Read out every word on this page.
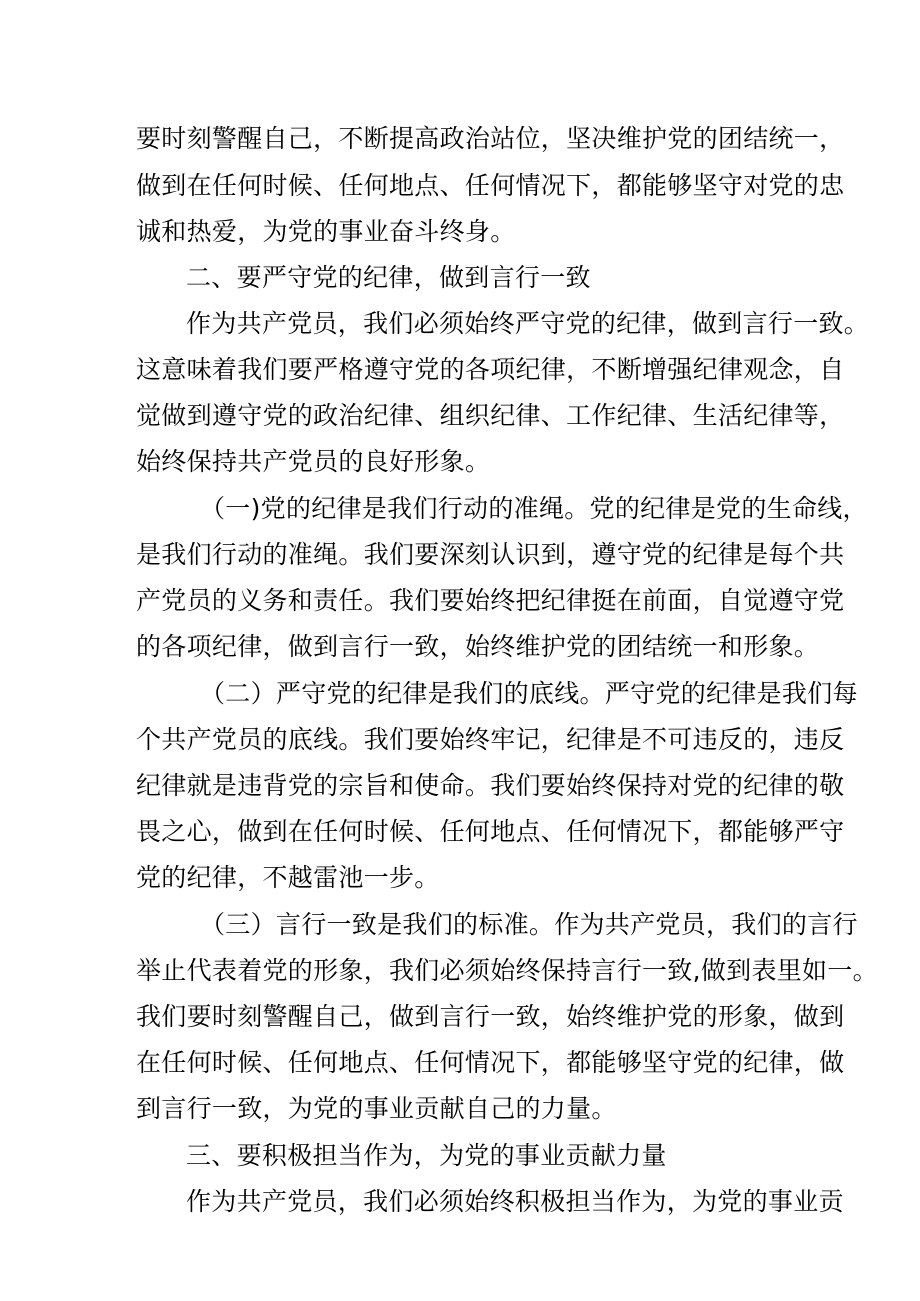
要时刻警醒自己，不断提高政治站位，坚决维护党的团结统一，
做到在任何时候、任何地点、任何情况下，都能够坚守对党的忠
诚和热爱，为党的事业奋斗终身。
二、要严守党的纪律，做到言行一致
作为共产党员，我们必须始终严守党的纪律，做到言行一致。
这意味着我们要严格遵守党的各项纪律，不断增强纪律观念，自
觉做到遵守党的政治纪律、组织纪律、工作纪律、生活纪律等，
始终保持共产党员的良好形象。
（一)党的纪律是我们行动的准绳。党的纪律是党的生命线，
是我们行动的准绳。我们要深刻认识到，遵守党的纪律是每个共
产党员的义务和责任。我们要始终把纪律挺在前面，自觉遵守党
的各项纪律，做到言行一致，始终维护党的团结统一和形象。
（二）严守党的纪律是我们的底线。严守党的纪律是我们每
个共产党员的底线。我们要始终牢记，纪律是不可违反的，违反
纪律就是违背党的宗旨和使命。我们要始终保持对党的纪律的敬
畏之心，做到在任何时候、任何地点、任何情况下，都能够严守
党的纪律，不越雷池一步。
（三）言行一致是我们的标准。作为共产党员，我们的言行
举止代表着党的形象，我们必须始终保持言行一致,做到表里如一。
我们要时刻警醒自己，做到言行一致，始终维护党的形象，做到
在任何时候、任何地点、任何情况下，都能够坚守党的纪律，做
到言行一致，为党的事业贡献自己的力量。
三、要积极担当作为，为党的事业贡献力量
作为共产党员，我们必须始终积极担当作为，为党的事业贡
